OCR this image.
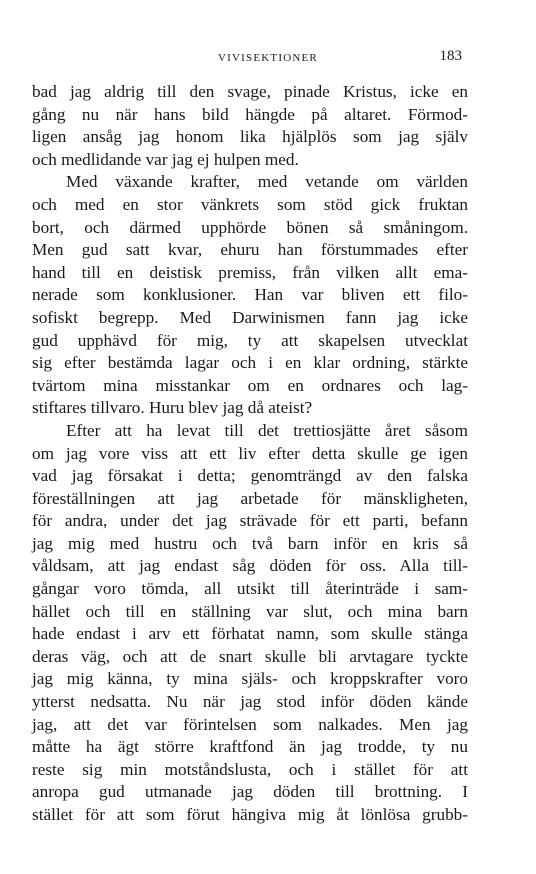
VIVISEKTIONER	183
bad jag aldrig till den svage, pinade Kristus, icke en
gång nu när hans bild hängde på altaret. Förmod-
ligen ansåg jag honom lika hjälplös som jag själv
och medlidande var jag ej hulpen med.
Med växande krafter, med vetande om världen
och med en stor vänkrets som stöd gick fruktan
bort, och därmed upphörde bönen så småningom.
Men gud satt kvar, ehuru han förstummades efter
hand till en deistisk premiss, från vilken allt ema-
nerade som konklusioner. Han var bliven ett filo-
sofiskt begrepp. Med Darwinismen fann jag icke
gud upphävd för mig, ty att skapelsen utvecklat
sig efter bestämda lagar och i en klar ordning, stärkte
tvärtom mina misstankar om en ordnares och lag-
stiftares tillvaro. Huru blev jag då ateist?
Efter att ha levat till det trettiosjätte året såsom
om jag vore viss att ett liv efter detta skulle ge igen
vad jag försakat i detta; genomträngd av den falska
föreställningen att jag arbetade för mänskligheten,
för andra, under det jag strävade för ett parti, befann
jag mig med hustru och två barn inför en kris så
våldsam, att jag endast såg döden för oss. Alla till-
gångar voro tömda, all utsikt till återinträde i sam-
hället och till en ställning var slut, och mina barn
hade endast i arv ett förhatat namn, som skulle stänga
deras väg, och att de snart skulle bli arvtagare tyckte
jag mig känna, ty mina själs- och kroppskrafter voro
ytterst nedsatta. Nu när jag stod inför döden kände
jag, att det var förintelsen som nalkades. Men jag
måtte ha ägt större kraftfond än jag trodde, ty nu
reste sig min motståndslusta, och i stället för att
anropa gud utmanade jag döden till brottning. I
stället för att som förut hängiva mig åt lönlösa grubb-
